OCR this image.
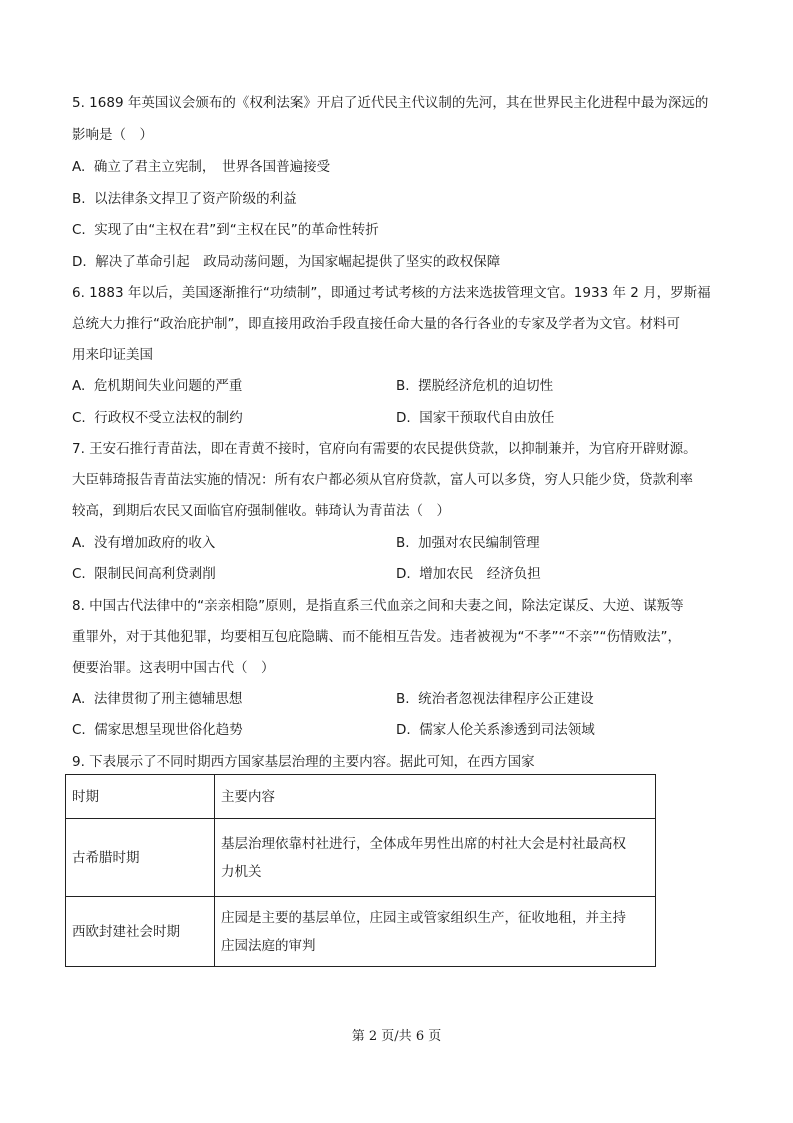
5. 1689 年英国议会颁布的《权利法案》开启了近代民主代议制的先河，其在世界民主化进程中最为深远的
影响是（　）
A.  确立了君主立宪制，　世界各国普遍接受
B.  以法律条文捍卫了资产阶级的利益
C.  实现了由“主权在君”到“主权在民”的革命性转折
D.  解决了革命引起　政局动荡问题，为国家崛起提供了坚实的政权保障
6. 1883 年以后，美国逐渐推行“功绩制”，即通过考试考核的方法来选拔管理文官。1933 年 2 月，罗斯福
总统大力推行“政治庇护制”，即直接用政治手段直接任命大量的各行各业的专家及学者为文官。材料可
用来印证美国
A.  危机期间失业问题的严重	B.  摆脱经济危机的迫切性
C.  行政权不受立法权的制约	D.  国家干预取代自由放任
7. 王安石推行青苗法，即在青黄不接时，官府向有需要的农民提供贷款，以抑制兼并，为官府开辟财源。
大臣韩琦报告青苗法实施的情况：所有农户都必须从官府贷款，富人可以多贷，穷人只能少贷，贷款利率
较高，到期后农民又面临官府强制催收。韩琦认为青苗法（　）
A.  没有增加政府的收入	B.  加强对农民编制管理
C.  限制民间高利贷剥削	D.  增加农民　经济负担
8. 中国古代法律中的“亲亲相隐”原则，是指直系三代血亲之间和夫妻之间，除法定谋反、大逆、谋叛等
重罪外，对于其他犯罪，均要相互包庇隐瞒、而不能相互告发。违者被视为“不孝”“不亲”“伤情败法”，
便要治罪。这表明中国古代（　）
A.  法律贯彻了刑主德辅思想	B.  统治者忽视法律程序公正建设
C.  儒家思想呈现世俗化趋势	D.  儒家人伦关系渗透到司法领域
9. 下表展示了不同时期西方国家基层治理的主要内容。据此可知，在西方国家
时期	主要内容
古希腊时期	基层治理依靠村社进行，全体成年男性出席的村社大会是村社最高权
力机关

西欧封建社会时期	庄园是主要的基层单位，庄园主或管家组织生产，征收地租，并主持
庄园法庭的审判
第 2 页/共 6 页
